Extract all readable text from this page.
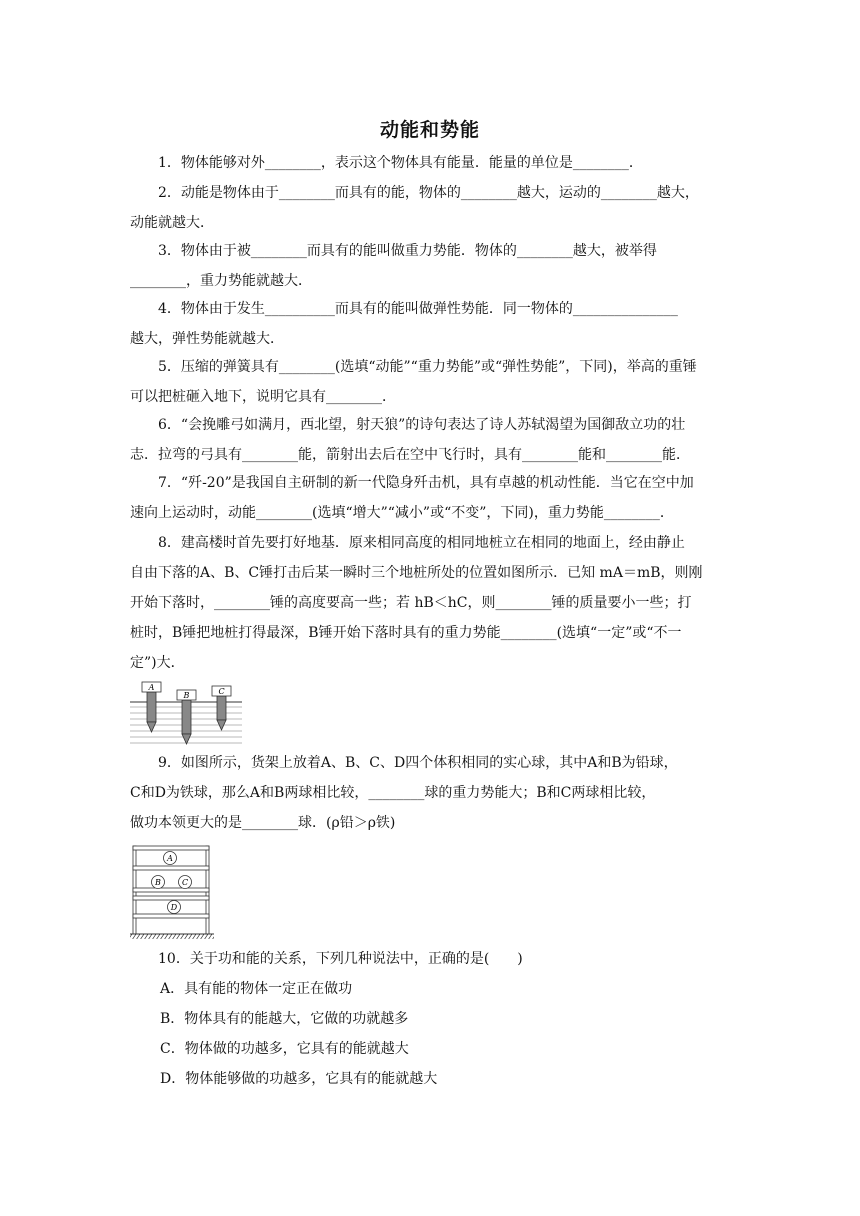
动能和势能

1．物体能够对外________，表示这个物体具有能量．能量的单位是________．

2．动能是物体由于________而具有的能，物体的________越大，运动的________越大，

动能就越大．

3．物体由于被________而具有的能叫做重力势能．物体的________越大，被举得

________，重力势能就越大．

4．物体由于发生__________而具有的能叫做弹性势能．同一物体的_______________

越大，弹性势能就越大．

5．压缩的弹簧具有________(选填“动能”“重力势能”或“弹性势能”，下同)，举高的重锤

可以把桩砸入地下，说明它具有________．

6．“会挽雕弓如满月，西北望，射天狼”的诗句表达了诗人苏轼渴望为国御敌立功的壮

志．拉弯的弓具有________能，箭射出去后在空中飞行时，具有________能和________能．

7．“歼-20”是我国自主研制的新一代隐身歼击机，具有卓越的机动性能．当它在空中加

速向上运动时，动能________(选填“增大”“减小”或“不变”，下同)，重力势能________．

8．建高楼时首先要打好地基．原来相同高度的相同地桩立在相同的地面上，经由静止

自由下落的A、B、C锤打击后某一瞬时三个地桩所处的位置如图所示．已知 mA＝mB，则刚

开始下落时，________锤的高度要高一些；若 hB＜hC，则________锤的质量要小一些；打

桩时，B锤把地桩打得最深，B锤开始下落时具有的重力势能________(选填“一定”或“不一

定”)大．

A
B	C

9．如图所示，货架上放着A、B、C、D四个体积相同的实心球，其中A和B为铅球，

C和D为铁球，那么A和B两球相比较，________球的重力势能大；B和C两球相比较，

做功本领更大的是________球．(ρ铅＞ρ铁)

A
B	C
D

10．关于功和能的关系，下列几种说法中，正确的是(　　)

A．具有能的物体一定正在做功
B．物体具有的能越大，它做的功就越多
C．物体做的功越多，它具有的能就越大
D．物体能够做的功越多，它具有的能就越大
